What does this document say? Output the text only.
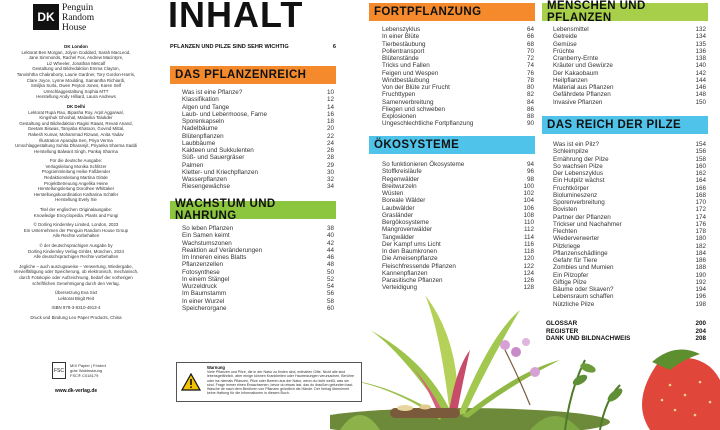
DK
Penguin
Random
House

DK London

Lektorat Ben Morgan, Jolyon Goddard, Sarah MacLeod,

Jane Simmonds, Rachel Fox, Andrew Macintyre,

Liz Wheeler, Jonathan Metcalf

Gestaltung und Bildredaktion Emma Clayton,

Tanvishtha Chakraborty, Laurie Gardner, Tory Gordon-Harris,

Clare Joyce, Lynne Moulding, Samantha Richiardi,

Smiljka Surla, Owen Peyton Jones, Karen Self

Umschlaggestaltung Sophia MTT

Herstellung Andy Hilliard, Laura Andrews

DK Delhi

Lektorat Rupa Rao, Bipasha Roy, Arpit Aggarwal,

Kingshuk Ghoshal, Malavika Talukder

Gestaltung und Bildredaktion Ragini Rawat, Revati Anand,

Geetam Biswas, Tanyaba Khatoon, Govind Mittal,

Rakesh Kumar, Mohammad Rizwan, Anita Yadav

Illustration Aparajita Sen, Priya Verma

Umschlaggestaltung Suhita Dharamjit, Priyanka Sharma Saddi

Herstellung Balwant Singh, Pankaj Sharma

Für die deutsche Ausgabe:

Verlagsleitung Monika Schlitzer

Programmleitung Heike Faßbender

Redaktionsleitung Martina Glöde

Projektbetreuung Angelika Heine

Herstellungsleitung Dorothee Whittaker

Herstellungskoordination Katharina Schäfer

Herstellung Evely Xie

Titel der englischen Originalausgabe:

Knowledge Encyclopedia. Plants and Fungi

© Dorling Kindersley Limited, London, 2023

Ein Unternehmen der Penguin Random House Group

Alle Rechte vorbehalten

© der deutschsprachigen Ausgabe by

Dorling Kindersley Verlag GmbH, München, 2024

Alle deutschsprachigen Rechte vorbehalten

Jegliche – auch auszugsweise – Verwertung, Wiedergabe,

Vervielfältigung oder Speicherung, ob elektronisch, mechanisch,

durch Fotokopie oder Aufzeichnung, bedarf der vorherigen

schriftlichen Genehmigung durch den Verlag.

Übersetzung Eva Sixt

Lektorat Birgit Reit

ISBN 978-3-8310-4913-4

Druck und Bindung Leo Paper Products, China

FSC
MIX Papier | Fördert gute Waldnutzung FSC® C018179
www.dk-verlag.de
INHALT
PFLANZEN UND PILZE SIND SEHR WICHTIG	6
DAS PFLANZENREICH
WACHSTUM UND NAHRUNG
FORTPFLANZUNG
ÖKOSYSTEME
MENSCHEN UND PFLANZEN
DAS REICH DER PILZE
Was ist eine Pflanze?	10
Klassifikation	12
Algen und Tange	14
Laub- und Lebermoose, Farne	16
Sporenkapseln	18
Nadelbäume	20
Blütenpflanzen	22
Laubbäume	24
Kakteen und Sukkulenten	26
Süß- und Sauergräser	28
Palmen	29
Kletter- und Kriechpflanzen	30
Wasserpflanzen	32
Riesengewächse	34
So leben Pflanzen	38
Ein Samen keimt	40
Wachstumszonen	42
Reaktion auf Veränderungen	44
Im Inneren eines Blatts	46
Pflanzenzellen	48
Fotosynthese	50
In einem Stängel	52
Wurzeldruck	54
Im Baumstamm	56
In einer Wurzel	58
Speicherorgane	60
Lebenszyklus	64
In einer Blüte	66
Tierbestäubung	68
Pollentransport	70
Blütenstände	72
Tricks und Fallen	74
Feigen und Wespen	76
Windbestäubung	78
Von der Blüte zur Frucht	80
Fruchttypen	82
Samenverbreitung	84
Fliegen und schweben	86
Explosionen	88
Ungeschlechtliche Fortpflanzung	90
So funktionieren Ökosysteme	94
Stoffkreisläufe	96
Regenwälder	98
Breitwurzeln	100
Wüsten	102
Boreale Wälder	104
Laubwälder	106
Grasländer	108
Bergökosysteme	110
Mangrovenwälder	112
Tangwälder	114
Der Kampf ums Licht	116
In den Baumkronen	118
Die Ameisenpflanze	120
Fleischfressende Pflanzen	122
Kannenpflanzen	124
Parasitische Pflanzen	126
Verteidigung	128
Lebensmittel	132
Getreide	134
Gemüse	135
Früchte	136
Cranberry-Ernte	138
Kräuter und Gewürze	140
Der Kakaobaum	142
Heilpflanzen	144
Material aus Pflanzen	146
Gefährdete Pflanzen	148
Invasive Pflanzen	150
Was ist ein Pilz?	154
Schleimpilze	156
Ernährung der Pilze	158
So wachsen Pilze	160
Der Lebenszyklus	162
Ein Hutpilz wächst	164
Fruchtkörper	166
Biolumineszenz	168
Sporenverbreitung	170
Bovisten	172
Partner der Pflanzen	174
Trickser und Nachahmer	176
Flechten	178
Wiederverwerter	180
Pilzkriege	182
Pflanzenschädlinge	184
Gefahr für Tiere	186
Zombies und Mumien	188
Ein Pilzopfer	190
Giftige Pilze	192
Bäume oder Skaven?	194
Lebensraum schaffen	196
Nützliche Pilze	198
Warnung
Viele Pflanzen und Pilze, die in der Natur zu finden sind, enthalten Gifte. Nicht alle sind lebensgefährlich, aber einige können Krankheiten oder Hautreizungen verursachen. Berühre oder iss niemals Pflanzen, Pilze oder Beeren aus der Natur, wenn du nicht weißt, was sie sind. Frage immer einen Erwachsenen, bevor du etwas isst, das du draußen gefunden hast. Wasche dir nach dem Berühren von Pflanzen gründlich die Hände. Der Verlag übernimmt keine Haftung für die Informationen in diesem Buch.
GLOSSAR	200
REGISTER	204
DANK UND BILDNACHWEIS	208
